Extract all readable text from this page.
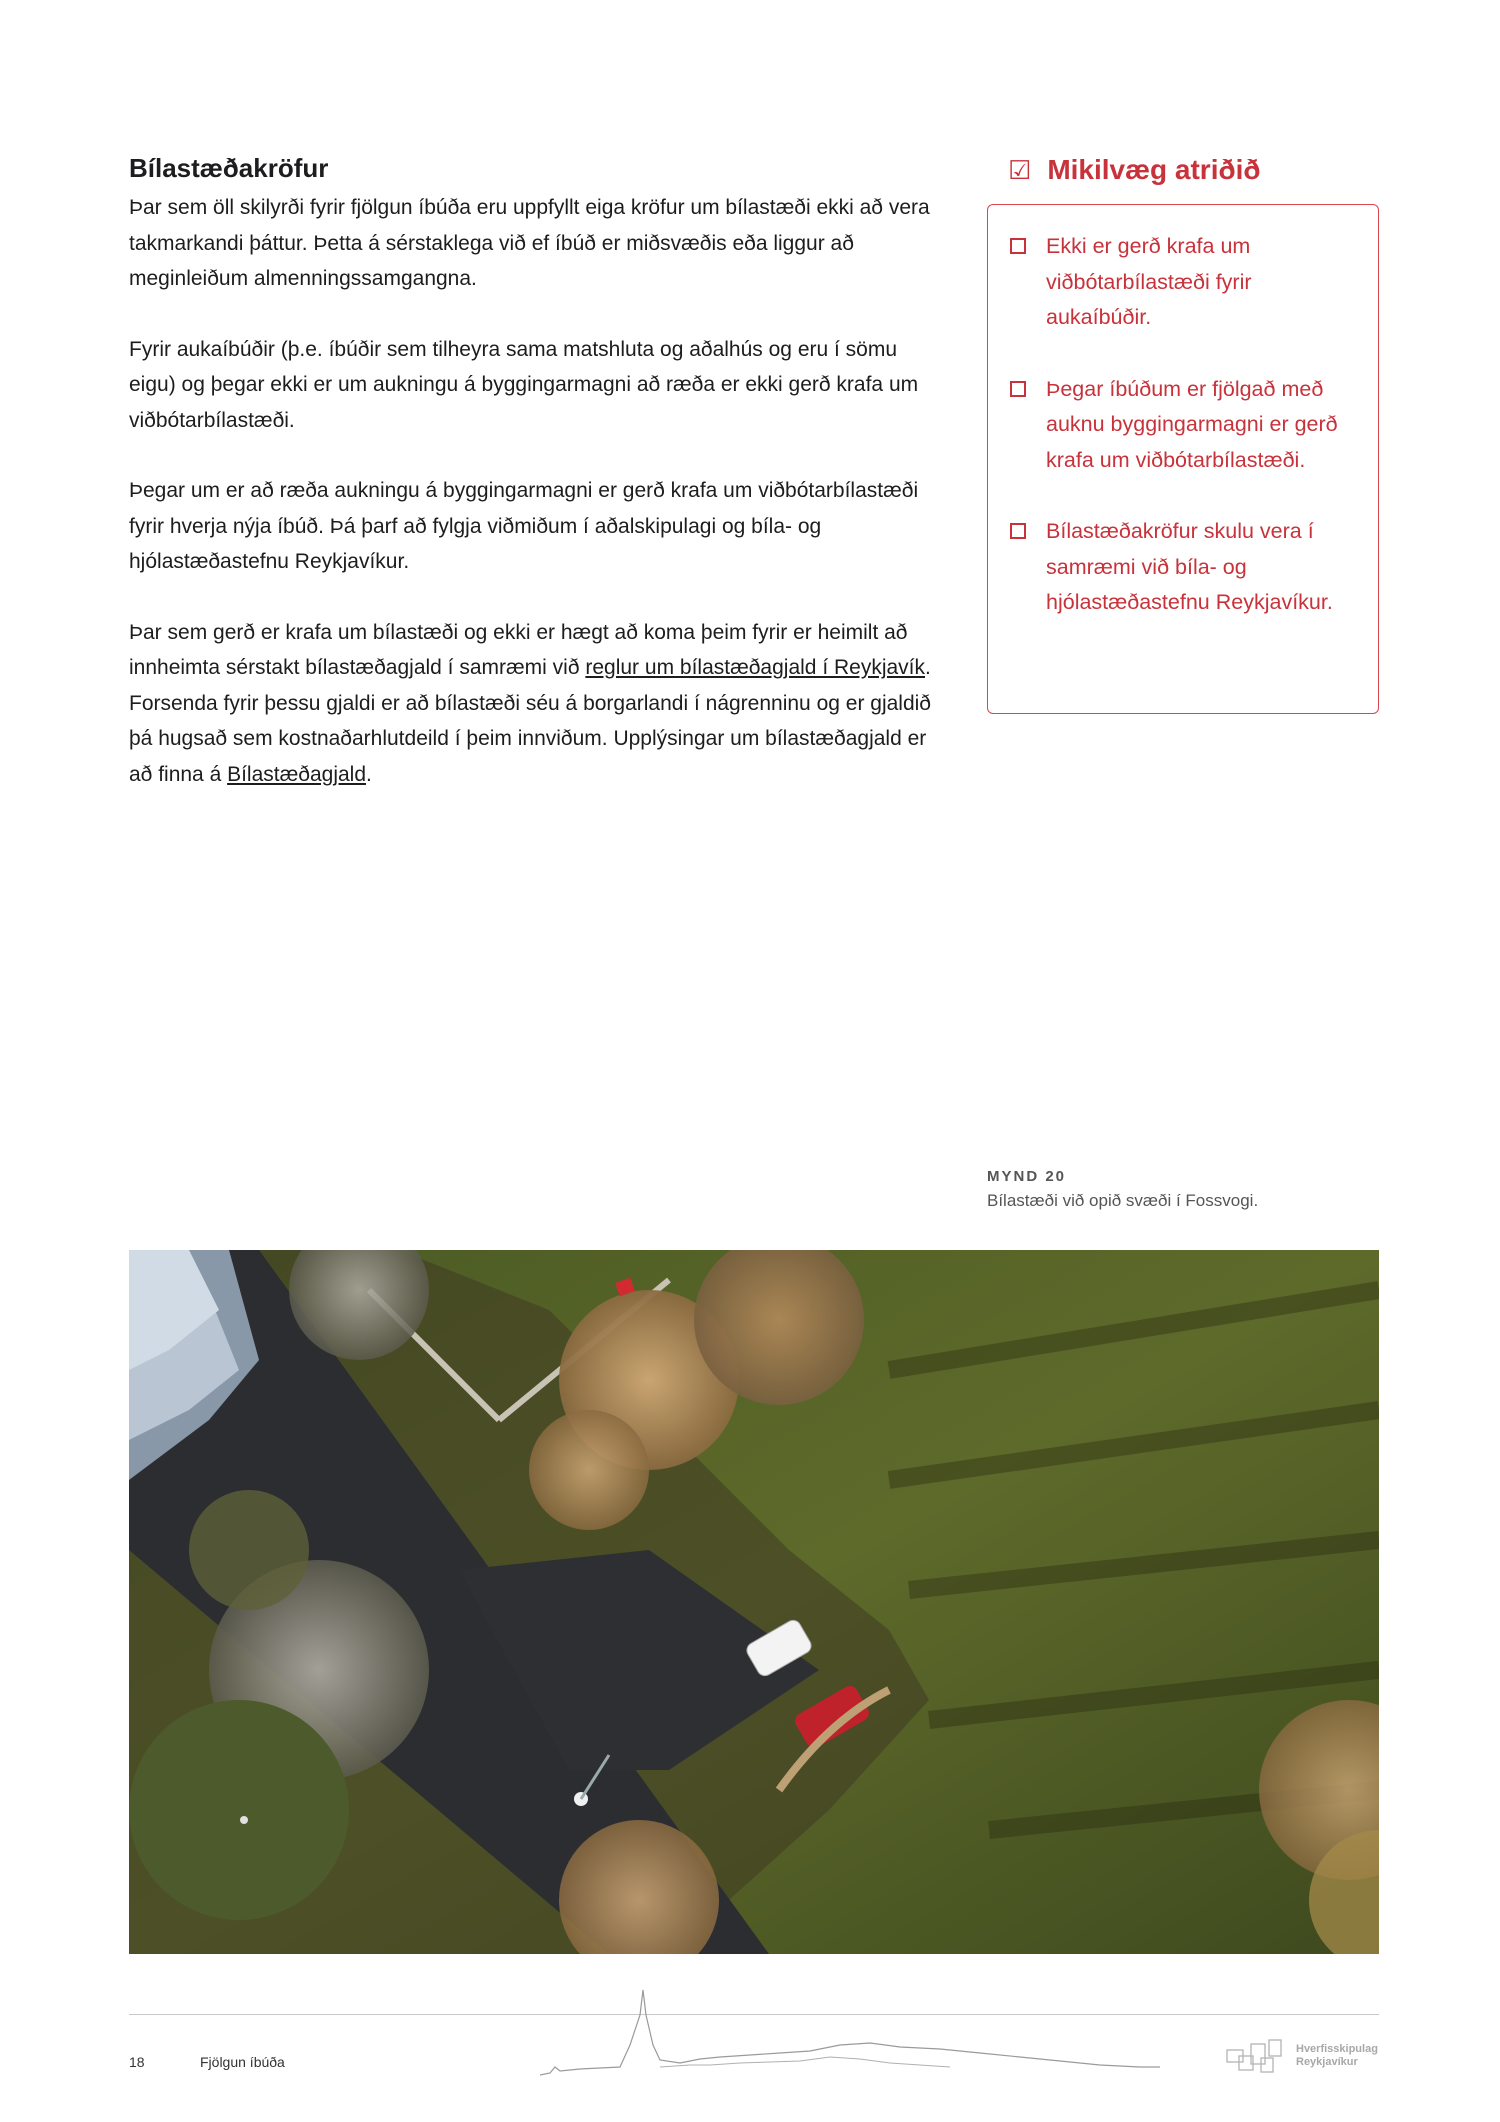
Bílastæðakröfur

Þar sem öll skilyrði fyrir fjölgun íbúða eru uppfyllt eiga kröfur um bílastæði ekki að vera takmarkandi þáttur. Þetta á sérstaklega við ef íbúð er miðsvæðis eða liggur að meginleiðum almenningssamgangna.

Fyrir aukaíbúðir (þ.e. íbúðir sem tilheyra sama matshluta og aðalhús og eru í sömu eigu) og þegar ekki er um aukningu á byggingarmagni að ræða er ekki gerð krafa um viðbótarbílastæði.

Þegar um er að ræða aukningu á byggingarmagni er gerð krafa um viðbótarbílastæði fyrir hverja nýja íbúð. Þá þarf að fylgja viðmiðum í aðalskipulagi og bíla- og hjólastæðastefnu Reykjavíkur.

Þar sem gerð er krafa um bílastæði og ekki er hægt að koma þeim fyrir er heimilt að innheimta sérstakt bílastæðagjald í samræmi við reglur um bílastæðagjald í Reykjavík. Forsenda fyrir þessu gjaldi er að bílastæði séu á borgarlandi í nágrenninu og er gjaldið þá hugsað sem kostnaðarhlutdeild í þeim innviðum. Upplýsingar um bílastæðagjald er að finna á Bílastæðagjald.

☑ Mikilvæg atriðið
Ekki er gerð krafa um viðbótarbílastæði fyrir aukaíbúðir.
Þegar íbúðum er fjölgað með auknu byggingarmagni er gerð krafa um viðbótarbílastæði.
Bílastæðakröfur skulu vera í samræmi við bíla- og hjólastæðastefnu Reykjavíkur.
MYND 20
Bílastæði við opið svæði í Fossvogi.
18	Fjölgun íbúða
Hverfisskipulag
Reykjavíkur
